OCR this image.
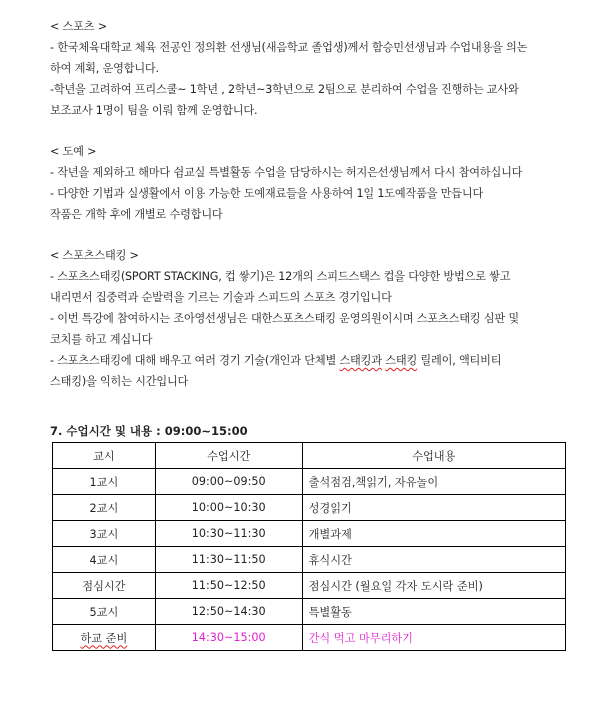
< 스포츠 >
- 한국체육대학교 체육 전공인 정의환 선생님(새음학교 졸업생)께서 함승민선생님과 수업내용을 의논
하여 계획, 운영합니다.
-학년을 고려하여 프리스쿨~ 1학년 , 2학년~3학년으로 2팀으로 분리하여 수업을 진행하는 교사와
보조교사 1명이 팀을 이뤄 함께 운영합니다.
< 도예 >
- 작년을 제외하고 해마다 쉼교실 특별활동 수업을 담당하시는 허지은선생님께서 다시 참여하십니다
- 다양한 기법과 실생활에서 이용 가능한 도예재료들을 사용하여 1일 1도예작품을 만듭니다
작품은 개학 후에 개별로 수령합니다
< 스포츠스태킹 >
- 스포츠스태킹(SPORT STACKING, 컵 쌓기)은 12개의 스피드스택스 컵을 다양한 방법으로 쌓고
내리면서 집중력과 순발력을 기르는 기술과 스피드의 스포츠 경기입니다
- 이번 특강에 참여하시는 조아영선생님은 대한스포츠스태킹 운영의원이시며 스포츠스태킹 심판 및
코치를 하고 계십니다
- 스포츠스태킹에 대해 배우고 여러 경기 기술(개인과 단체별 스태킹과 스태킹 릴레이, 액티비티
스태킹)을 익히는 시간입니다
7. 수업시간 및 내용 : 09:00~15:00
교시	수업시간	수업내용
1교시	09:00~09:50	출석점검,책읽기, 자유놀이
2교시	10:00~10:30	성경읽기
3교시	10:30~11:30	개별과제
4교시	11:30~11:50	휴식시간
점심시간	11:50~12:50	점심시간 (월요일 각자 도시락 준비)
5교시	12:50~14:30	특별활동
하교 준비	14:30~15:00	간식 먹고 마무리하기
